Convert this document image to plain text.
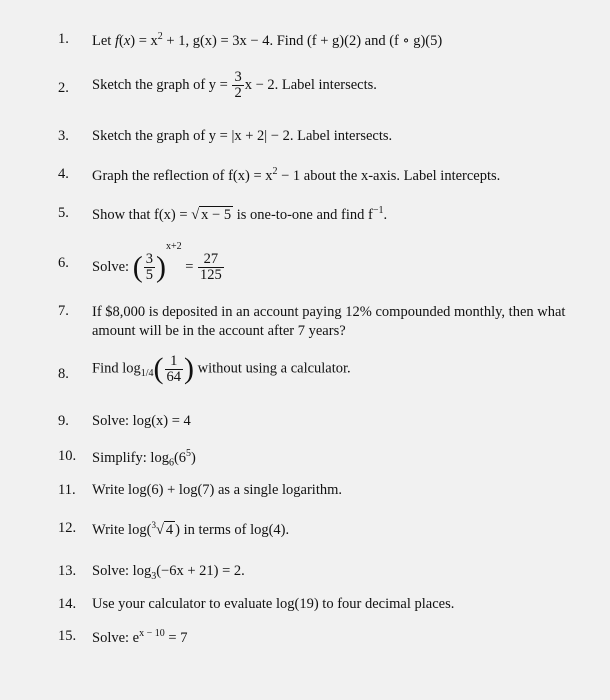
1. Let $f(x) = x^2 + 1$, g(x) = 3x − 4. Find (f + g)(2) and (f ∘ g)(5)
2. Sketch the graph of $y = \frac{3}{2}$ x − 2. Label intersects.
3. Sketch the graph of y = |x + 2| − 2. Label intersects.
4. Graph the reflection of $f(x) = x^2 - 1$ about the x-axis. Label intercepts.
5. Show that f(x) = √ x − 5 is one-to-one and find $f^{-1}$.
6. Solve: ( $\frac{3}{5} )^{x+2} = \frac{27}{125}$
7. If $8,000 is deposited in an account paying 12% compounded monthly, then what amount will be in the account after 7 years?
8. Find $\log_{1/4}( \frac{1}{64}$ ) without using a calculator.
9. Solve: log(x) = 4
10. Simplify: $\log_6(6^5)$
11. Write log(6) + log(7) as a single logarithm.
12. Write log($^3$√ 4 ) in terms of log(4).
13. Solve: $\log_3(-6x + 21) = 2$.
14. Use your calculator to evaluate log(19) to four decimal places.
15. Solve: $e^{x - 10} = 7$
